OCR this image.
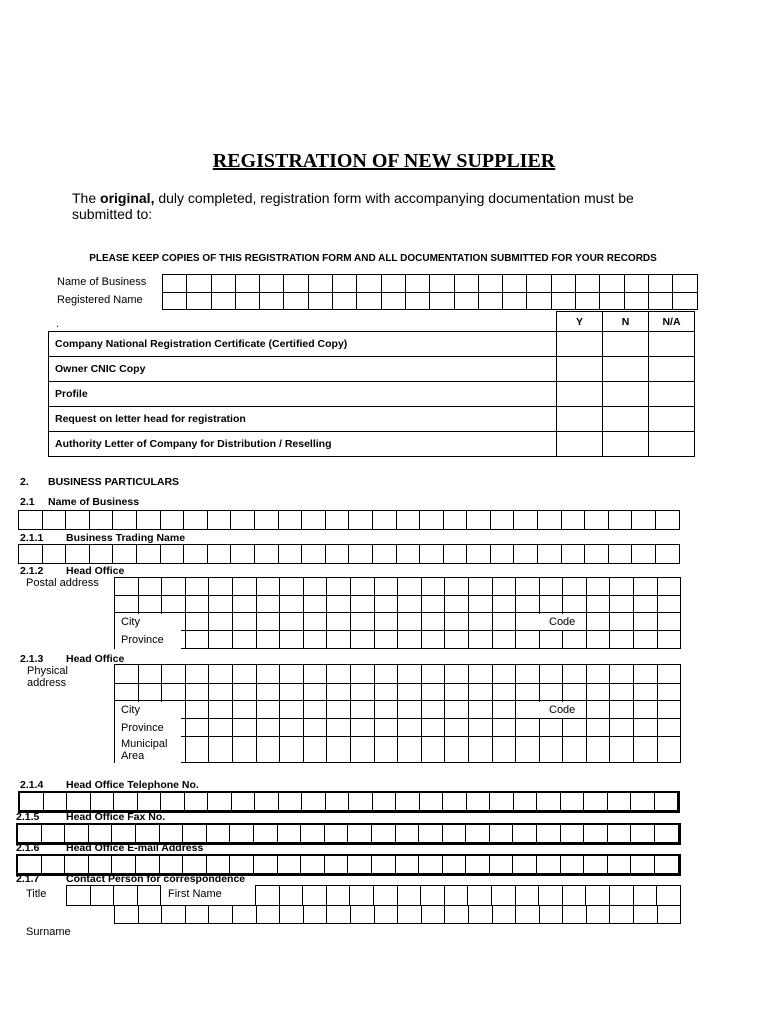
REGISTRATION OF NEW SUPPLIER
The original, duly completed, registration form with accompanying documentation must be submitted to:
PLEASE KEEP COPIES OF THIS REGISTRATION FORM AND ALL DOCUMENTATION SUBMITTED FOR YOUR RECORDS
Name of Business
Registered Name
.	Y	N	N/A
Company National Registration Certificate (Certified Copy)			
Owner CNIC Copy			
Profile			
Request on letter head for registration			
Authority Letter of Company for Distribution / Reselling			
2. BUSINESS PARTICULARS
2.1 Name of Business
2.1.1 Business Trading Name
2.1.2 Head Office
Postal address
City	Code
Province
2.1.3 Head Office
Physical
address
City	Code
Province
Municipal
Area
2.1.4 Head Office Telephone No.
2.1.5	Head Office Fax No.
2.1.6	Head Office E-mail Address
2.1.7	Contact Person for correspondence
Title	First Name
Surname
